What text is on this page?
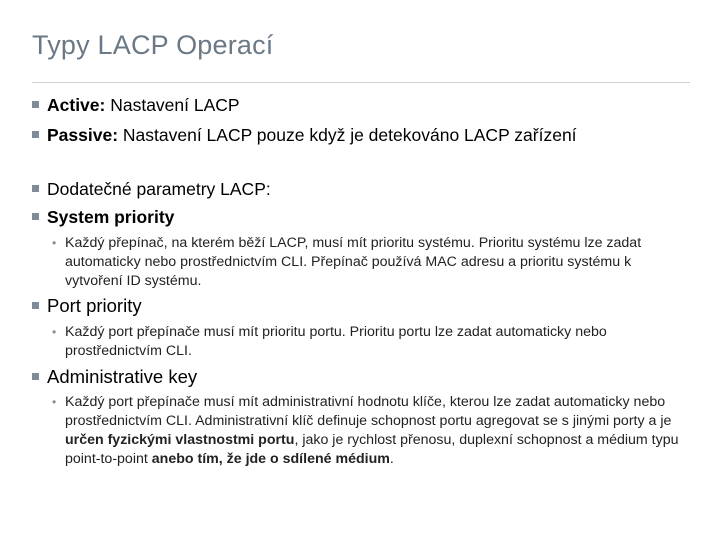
Typy LACP Operací
Active: Nastavení LACP
Passive: Nastavení LACP pouze když je detekováno LACP zařízení
Dodatečné parametry LACP:
System priority
• Každý přepínač, na kterém běží LACP, musí mít prioritu systému. Prioritu systému lze zadat automaticky nebo prostřednictvím CLI. Přepínač používá MAC adresu a prioritu systému k vytvoření ID systému.
Port priority
• Každý port přepínače musí mít prioritu portu. Prioritu portu lze zadat automaticky nebo prostřednictvím CLI.
Administrative key
• Každý port přepínače musí mít administrativní hodnotu klíče, kterou lze zadat automaticky nebo prostřednictvím CLI. Administrativní klíč definuje schopnost portu agregovat se s jinými porty a je určen fyzickými vlastnostmi portu, jako je rychlost přenosu, duplexní schopnost a médium typu point-to-point anebo tím, že jde o sdílené médium.
